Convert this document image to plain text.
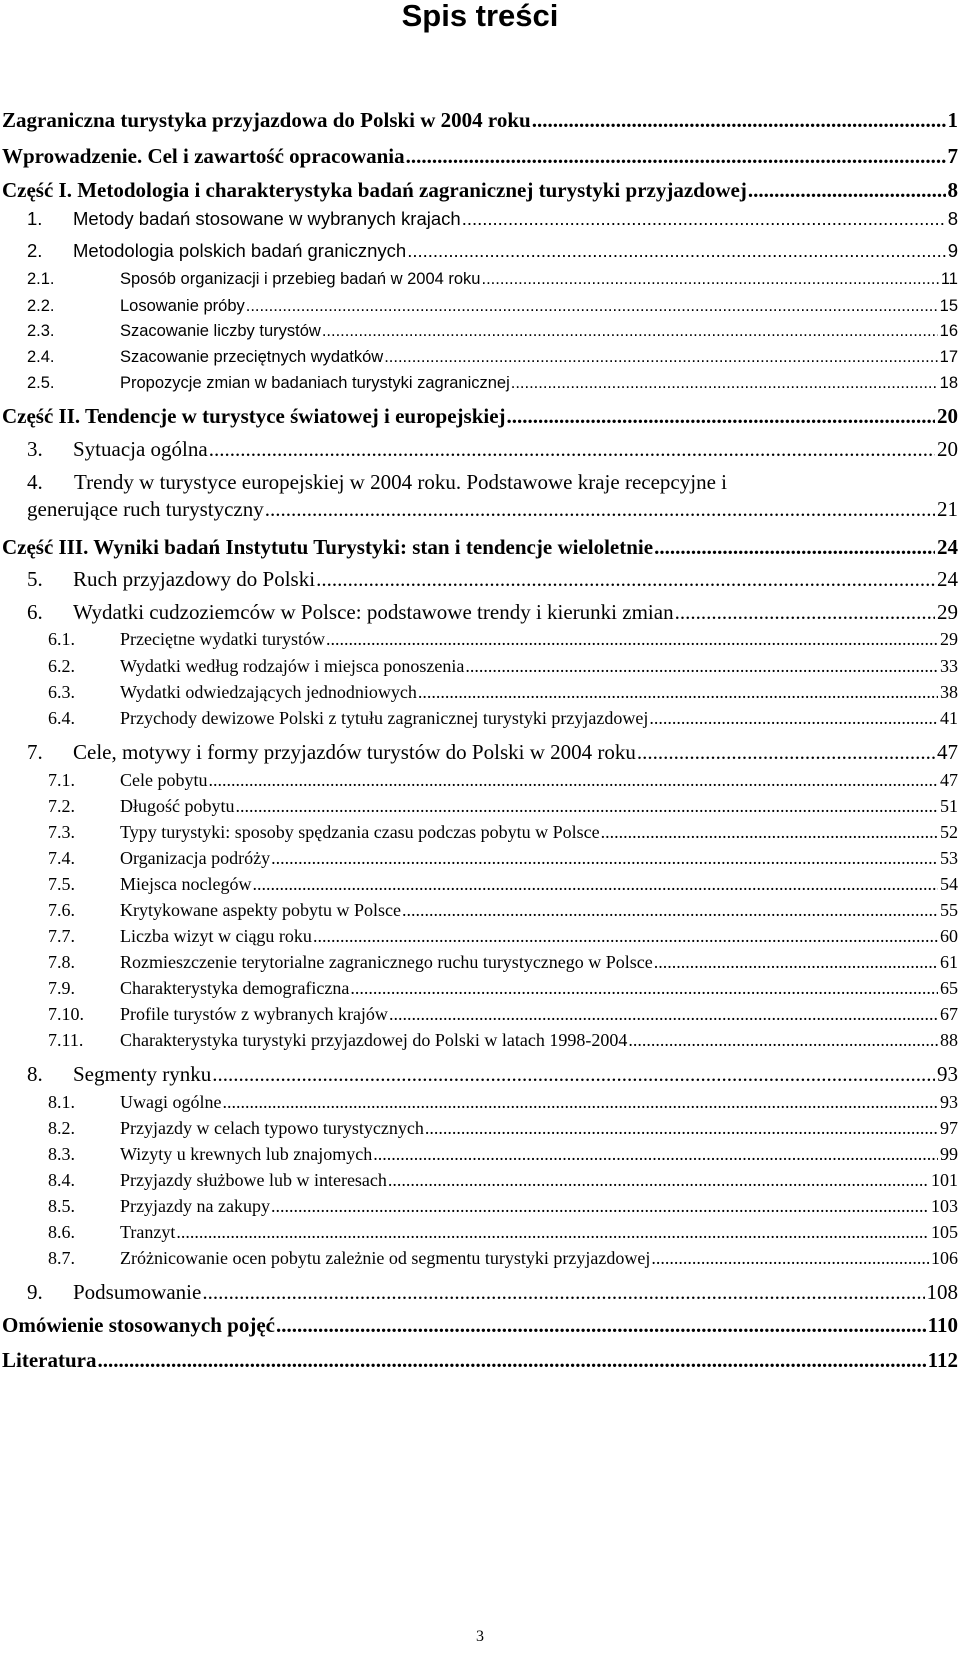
Spis treści
Zagraniczna turystyka przyjazdowa do Polski w 2004 roku .....	1
Wprowadzenie. Cel i zawartość opracowania .....	7
Część I. Metodologia i charakterystyka badań zagranicznej turystyki przyjazdowej .....	8
1.	Metody badań stosowane w wybranych krajach .....	8
2.	Metodologia polskich badań granicznych .....	9
2.1.	Sposób organizacji i przebieg badań w 2004 roku .....	11
2.2.	Losowanie próby .....	15
2.3.	Szacowanie liczby turystów .....	16
2.4.	Szacowanie przeciętnych wydatków .....	17
2.5.	Propozycje zmian w badaniach turystyki zagranicznej .....	18
Część II. Tendencje w turystyce światowej i europejskiej .....	20
3.	Sytuacja ogólna .....	20
4. Trendy w turystyce europejskiej w 2004 roku. Podstawowe kraje recepcyjne i
generujące ruch turystyczny .....	21
Część III. Wyniki badań Instytutu Turystyki: stan i tendencje wieloletnie .....	24
5.	Ruch przyjazdowy do Polski .....	24
6.	Wydatki cudzoziemców w Polsce: podstawowe trendy i kierunki zmian .....	29
6.1.	Przeciętne wydatki turystów .....	29
6.2.	Wydatki według rodzajów i miejsca ponoszenia .....	33
6.3.	Wydatki odwiedzających jednodniowych .....	38
6.4.	Przychody dewizowe Polski z tytułu zagranicznej turystyki przyjazdowej .....	41
7.	Cele, motywy i formy przyjazdów turystów do Polski w 2004 roku .....	47
7.1.	Cele pobytu .....	47
7.2.	Długość pobytu .....	51
7.3.	Typy turystyki: sposoby spędzania czasu podczas pobytu w Polsce .....	52
7.4.	Organizacja podróży .....	53
7.5.	Miejsca noclegów .....	54
7.6.	Krytykowane aspekty pobytu w Polsce .....	55
7.7.	Liczba wizyt w ciągu roku .....	60
7.8.	Rozmieszczenie terytorialne zagranicznego ruchu turystycznego w Polsce .....	61
7.9.	Charakterystyka demograficzna .....	65
7.10.	Profile turystów z wybranych krajów .....	67
7.11.	Charakterystyka turystyki przyjazdowej do Polski w latach 1998-2004 .....	88
8.	Segmenty rynku .....	93
8.1.	Uwagi ogólne .....	93
8.2.	Przyjazdy w celach typowo turystycznych .....	97
8.3.	Wizyty u krewnych lub znajomych .....	99
8.4.	Przyjazdy służbowe lub w interesach .....	101
8.5.	Przyjazdy na zakupy .....	103
8.6.	Tranzyt .....	105
8.7.	Zróżnicowanie ocen pobytu zależnie od segmentu turystyki przyjazdowej .....	106
9.	Podsumowanie .....	108
Omówienie stosowanych pojęć .....	110
Literatura .....	112
3
